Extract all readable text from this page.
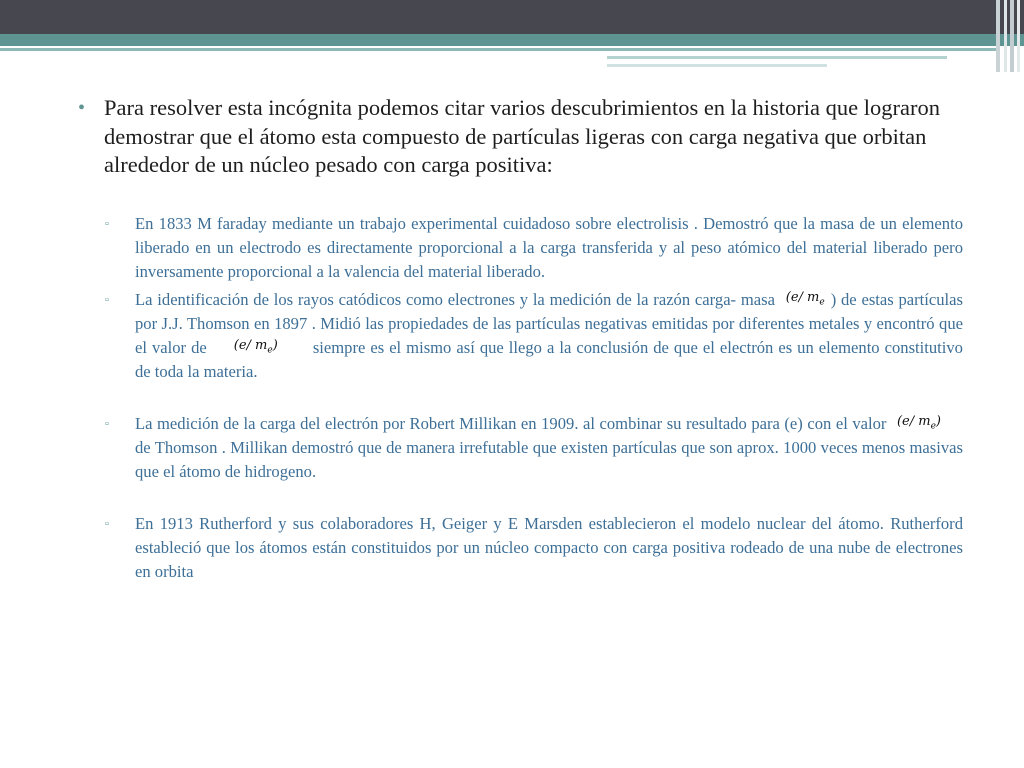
• Para resolver esta incógnita podemos citar varios descubrimientos en la historia que lograron demostrar que el átomo esta compuesto de partículas ligeras con carga negativa que orbitan alrededor de un núcleo pesado con carga positiva:
▫	En 1833 M faraday mediante un trabajo experimental cuidadoso sobre electrolisis . Demostró que la masa de un elemento liberado en un electrodo es directamente proporcional a la carga transferida y al peso atómico del material liberado pero inversamente proporcional a la valencia del material liberado.
▫	La identificación de los rayos catódicos como electrones y la medición de la razón carga- masa (e/ $m_e$ ) de estas partículas por J.J. Thomson en 1897 . Midió las propiedades de las partículas negativas emitidas por diferentes metales y encontró que el valor de (e/ $m_e$) siempre es el mismo así que llego a la conclusión de que el electrón es un elemento constitutivo de toda la materia.
▫	La medición de la carga del electrón por Robert Millikan en 1909. al combinar su resultado para (e) con el valor (e/ $m_e$) de Thomson . Millikan demostró que de manera irrefutable que existen partículas que son aprox. 1000 veces menos masivas que el átomo de hidrogeno.
▫	En 1913 Rutherford y sus colaboradores H, Geiger y E Marsden establecieron el modelo nuclear del átomo. Rutherford estableció que los átomos están constituidos por un núcleo compacto con carga positiva rodeado de una nube de electrones en orbita
